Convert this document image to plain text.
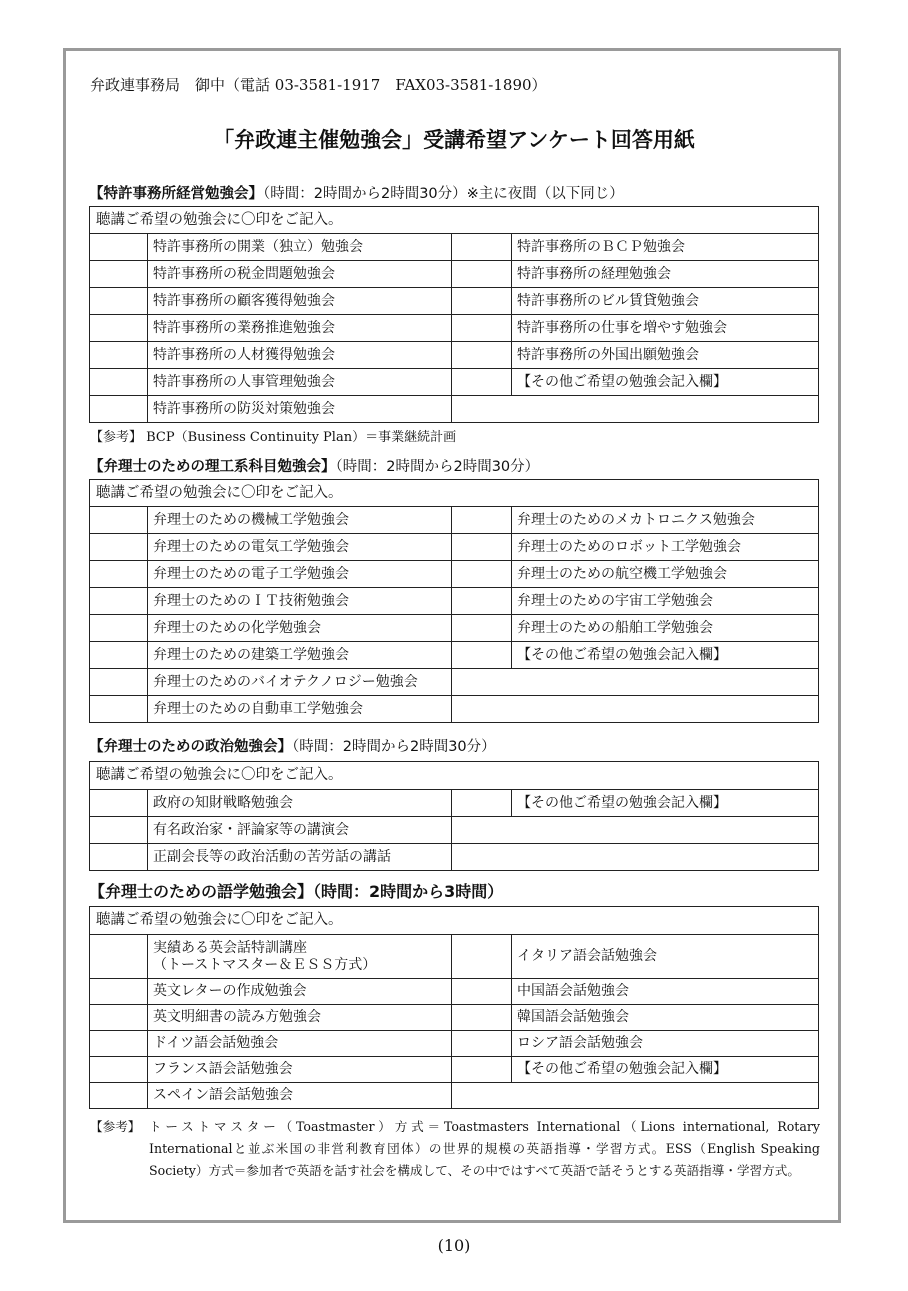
弁政連事務局　御中（電話 03-3581-1917　FAX03-3581-1890）
「弁政連主催勉強会」受講希望アンケート回答用紙
【特許事務所経営勉強会】（時間：2時間から2時間30分）※主に夜間（以下同じ）
聴講ご希望の勉強会に〇印をご記入。			
	特許事務所の開業（独立）勉強会		特許事務所のＢＣＰ勉強会
	特許事務所の税金問題勉強会		特許事務所の経理勉強会
	特許事務所の顧客獲得勉強会		特許事務所のビル賃貸勉強会
	特許事務所の業務推進勉強会		特許事務所の仕事を増やす勉強会
	特許事務所の人材獲得勉強会		特許事務所の外国出願勉強会
	特許事務所の人事管理勉強会		【その他ご希望の勉強会記入欄】
	特許事務所の防災対策勉強会		
【参考】 BCP（Business Continuity Plan）＝事業継続計画
【弁理士のための理工系科目勉強会】（時間：2時間から2時間30分）
聴講ご希望の勉強会に〇印をご記入。			
	弁理士のための機械工学勉強会		弁理士のためのメカトロニクス勉強会
	弁理士のための電気工学勉強会		弁理士のためのロボット工学勉強会
	弁理士のための電子工学勉強会		弁理士のための航空機工学勉強会
	弁理士のためのＩＴ技術勉強会		弁理士のための宇宙工学勉強会
	弁理士のための化学勉強会		弁理士のための船舶工学勉強会
	弁理士のための建築工学勉強会		【その他ご希望の勉強会記入欄】
	弁理士のためのバイオテクノロジー勉強会		
	弁理士のための自動車工学勉強会		
【弁理士のための政治勉強会】（時間：2時間から2時間30分）
聴講ご希望の勉強会に〇印をご記入。			
	政府の知財戦略勉強会		【その他ご希望の勉強会記入欄】
	有名政治家・評論家等の講演会		
	正副会長等の政治活動の苦労話の講話		
【弁理士のための語学勉強会】（時間：2時間から3時間）
聴講ご希望の勉強会に〇印をご記入。			
	実績ある英会話特訓講座
（トーストマスター＆ＥＳＳ方式）		イタリア語会話勉強会
	英文レターの作成勉強会		中国語会話勉強会
	英文明細書の読み方勉強会		韓国語会話勉強会
	ドイツ語会話勉強会		ロシア語会話勉強会
	フランス語会話勉強会		【その他ご希望の勉強会記入欄】
	スペイン語会話勉強会		
【参考】 トーストマスター（Toastmaster）方式＝Toastmasters International（Lions international, Rotary Internationalと並ぶ米国の非営利教育団体）の世界的規模の英語指導・学習方式。ESS（English Speaking Society）方式＝参加者で英語を話す社会を構成して、その中ではすべて英語で話そうとする英語指導・学習方式。
(10)
